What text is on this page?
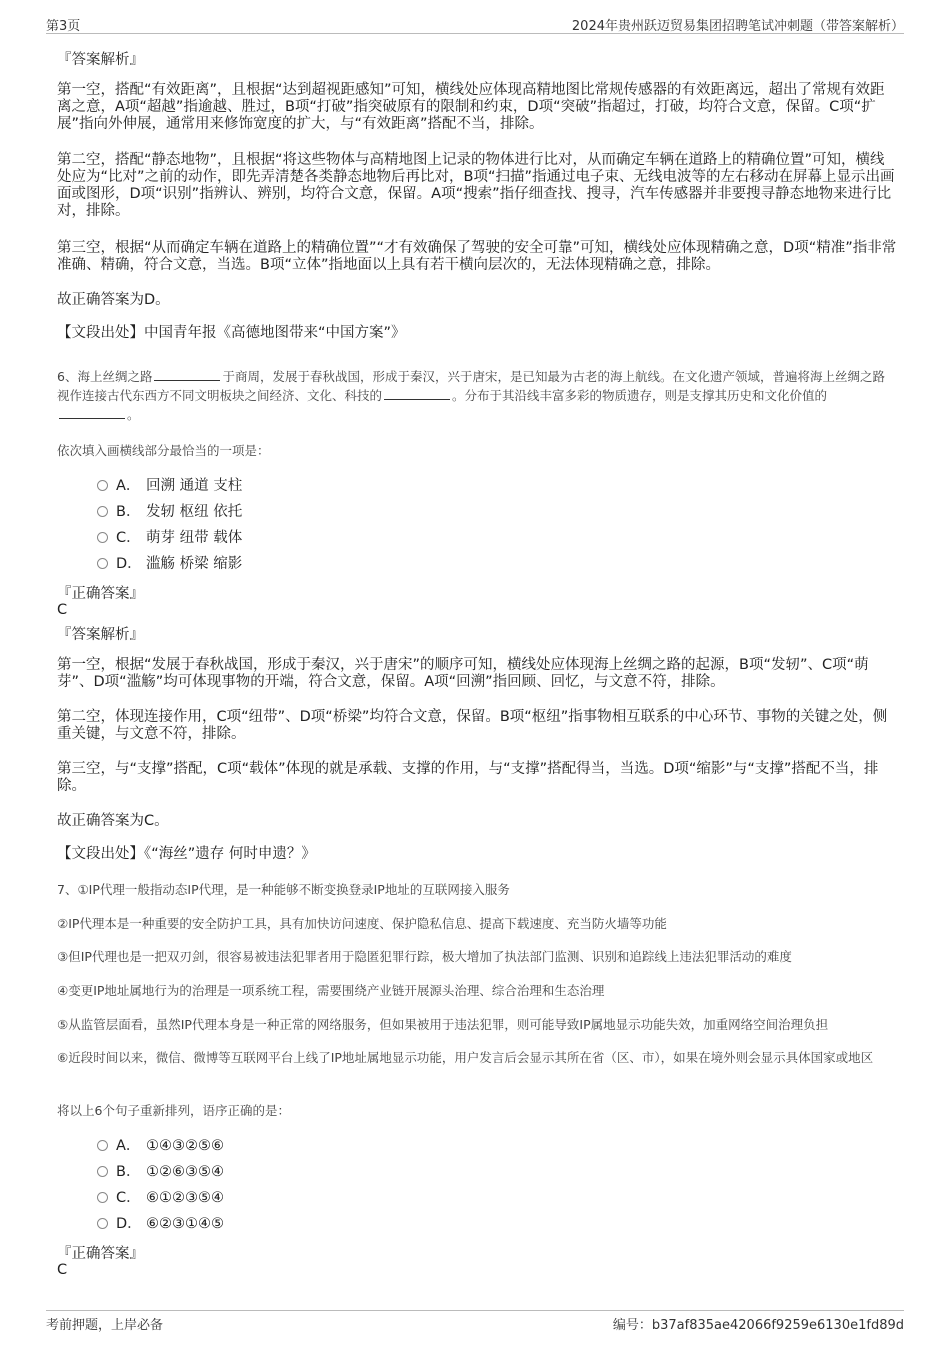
第3页	2024年贵州跃迈贸易集团招聘笔试冲刺题（带答案解析）
『答案解析』
第一空，搭配“有效距离”，且根据“达到超视距感知”可知，横线处应体现高精地图比常规传感器的有效距离远，超出了常规有效距离之意，A项“超越”指逾越、胜过，B项“打破”指突破原有的限制和约束，D项“突破”指超过，打破，均符合文意，保留。C项“扩展”指向外伸展，通常用来修饰宽度的扩大，与“有效距离”搭配不当，排除。
第二空，搭配“静态地物”，且根据“将这些物体与高精地图上记录的物体进行比对，从而确定车辆在道路上的精确位置”可知，横线处应为“比对”之前的动作，即先弄清楚各类静态地物后再比对，B项“扫描”指通过电子束、无线电波等的左右移动在屏幕上显示出画面或图形，D项“识别”指辨认、辨别，均符合文意，保留。A项“搜索”指仔细查找、搜寻，汽车传感器并非要搜寻静态地物来进行比对，排除。
第三空，根据“从而确定车辆在道路上的精确位置”“才有效确保了驾驶的安全可靠”可知，横线处应体现精确之意，D项“精准”指非常准确、精确，符合文意，当选。B项“立体”指地面以上具有若干横向层次的，无法体现精确之意，排除。
故正确答案为D。
【文段出处】中国青年报《高德地图带来“中国方案”》
6、海上丝绸之路	于商周，发展于春秋战国，形成于秦汉，兴于唐宋，是已知最为古老的海上航线。在文化遗产领域，普遍将海上丝绸之路视作连接古代东西方不同文明板块之间经济、文化、科技的	。分布于其沿线丰富多彩的物质遗存，则是支撑其历史和文化价值的。
依次填入画横线部分最恰当的一项是：
A． 回溯 通道 支柱
B． 发轫 枢纽 依托
C． 萌芽 纽带 载体
D． 滥觞 桥梁 缩影
『正确答案』
C
『答案解析』
第一空，根据“发展于春秋战国，形成于秦汉，兴于唐宋”的顺序可知，横线处应体现海上丝绸之路的起源，B项“发轫”、C项“萌芽”、D项“滥觞”均可体现事物的开端，符合文意，保留。A项“回溯”指回顾、回忆，与文意不符，排除。
第二空，体现连接作用，C项“纽带”、D项“桥梁”均符合文意，保留。B项“枢纽”指事物相互联系的中心环节、事物的关键之处，侧重关键，与文意不符，排除。
第三空，与“支撑”搭配，C项“载体”体现的就是承载、支撑的作用，与“支撑”搭配得当，当选。D项“缩影”与“支撑”搭配不当，排除。
故正确答案为C。
【文段出处】《“海丝”遗存 何时申遗？》
7、①IP代理一般指动态IP代理，是一种能够不断变换登录IP地址的互联网接入服务
②IP代理本是一种重要的安全防护工具，具有加快访问速度、保护隐私信息、提高下载速度、充当防火墙等功能
③但IP代理也是一把双刃剑，很容易被违法犯罪者用于隐匿犯罪行踪，极大增加了执法部门监测、识别和追踪线上违法犯罪活动的难度
④变更IP地址属地行为的治理是一项系统工程，需要围绕产业链开展源头治理、综合治理和生态治理
⑤从监管层面看，虽然IP代理本身是一种正常的网络服务，但如果被用于违法犯罪，则可能导致IP属地显示功能失效，加重网络空间治理负担
⑥近段时间以来，微信、微博等互联网平台上线了IP地址属地显示功能，用户发言后会显示其所在省（区、市），如果在境外则会显示具体国家或地区
将以上6个句子重新排列，语序正确的是：
A． ①④③②⑤⑥
B． ①②⑥③⑤④
C． ⑥①②③⑤④
D． ⑥②③①④⑤
『正确答案』
C
考前押题，上岸必备	编号：b37af835ae42066f9259e6130e1fd89d
